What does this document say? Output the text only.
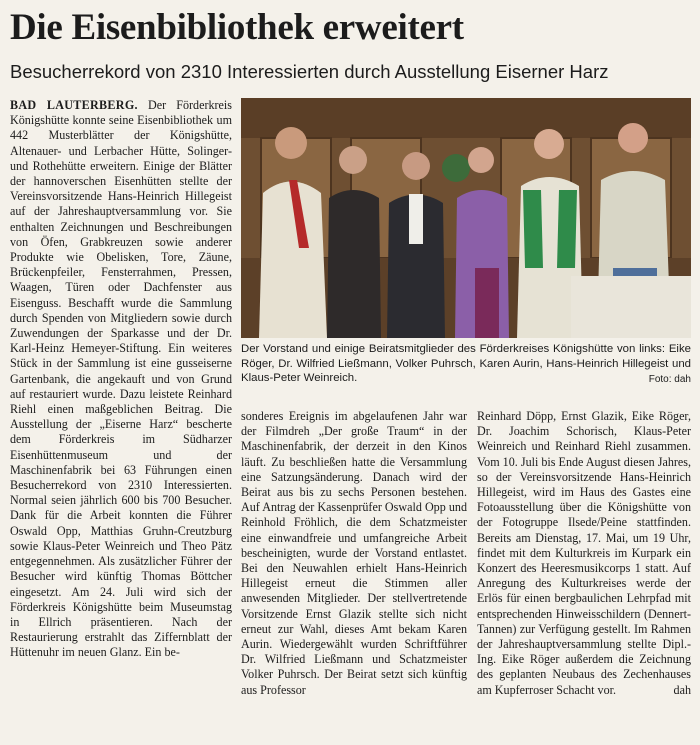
Die Eisenbibliothek erweitert
Besucherrekord von 2310 Interessierten durch Ausstellung Eiserner Harz

BAD LAUTERBERG. Der Förderkreis Königshütte konnte seine Eisenbibliothek um 442 Musterblätter der Königshütte, Altenauer- und Lerbacher Hütte, Solinger- und Rothehütte erweitern. Einige der Blätter der hannoverschen Eisenhütten stellte der Vereinsvorsitzende Hans-Heinrich Hillegeist auf der Jahreshauptversammlung vor. Sie enthalten Zeichnungen und Beschreibungen von Öfen, Grabkreuzen sowie anderer Produkte wie Obelisken, Tore, Zäune, Brückenpfeiler, Fensterrahmen, Pressen, Waagen, Türen oder Dachfenster aus Eisenguss. Beschafft wurde die Sammlung durch Spenden von Mitgliedern sowie durch Zuwendungen der Sparkasse und der Dr. Karl-Heinz Hemeyer-Stiftung. Ein weiteres Stück in der Sammlung ist eine gusseiserne Gartenbank, die angekauft und von Grund auf restauriert wurde. Dazu leistete Reinhard Riehl einen maßgeblichen Beitrag. Die Ausstellung der „Eiserne Harz“ bescherte dem Förderkreis im Südharzer Eisenhüttenmuseum und der Maschinenfabrik bei 63 Führungen einen Besucherrekord von 2310 Interessierten. Normal seien jährlich 600 bis 700 Besucher. Dank für die Arbeit konnten die Führer Oswald Opp, Matthias Gruhn-Creutzburg sowie Klaus-Peter Weinreich und Theo Pätz entgegennehmen. Als zusätzlicher Führer der Besucher wird künftig Thomas Böttcher eingesetzt. Am 24. Juli wird sich der Förderkreis Königshütte beim Museumstag in Ellrich präsentieren. Nach der Restaurierung erstrahlt das Ziffernblatt der Hüttenuhr im neuen Glanz. Ein be-

Der Vorstand und einige Beiratsmitglieder des Förderkreises Königshütte von links: Eike Röger, Dr. Wilfried Ließmann, Volker Puhrsch, Karen Aurin, Hans-Heinrich Hillegeist und Klaus-Peter Weinreich.	Foto: dah

sonderes Ereignis im abgelaufenen Jahr war der Filmdreh „Der große Traum“ in der Maschinenfabrik, der derzeit in den Kinos läuft. Zu beschließen hatte die Versammlung eine Satzungsänderung. Danach wird der Beirat aus bis zu sechs Personen bestehen. Auf Antrag der Kassenprüfer Oswald Opp und Reinhold Fröhlich, die dem Schatzmeister eine einwandfreie und umfangreiche Arbeit bescheinigten, wurde der Vorstand entlastet. Bei den Neuwahlen erhielt Hans-Heinrich Hillegeist erneut die Stimmen aller anwesenden Mitglieder. Der stellvertretende Vorsitzende Ernst Glazik stellte sich nicht erneut zur Wahl, dieses Amt bekam Karen Aurin. Wiedergewählt wurden Schriftführer Dr. Wilfried Ließmann und Schatzmeister Volker Puhrsch. Der Beirat setzt sich künftig aus Professor

Reinhard Döpp, Ernst Glazik, Eike Röger, Dr. Joachim Schorisch, Klaus-Peter Weinreich und Reinhard Riehl zusammen. Vom 10. Juli bis Ende August diesen Jahres, so der Vereinsvorsitzende Hans-Heinrich Hillegeist, wird im Haus des Gastes eine Fotoausstellung über die Königshütte von der Fotogruppe Ilsede/Peine stattfinden. Bereits am Dienstag, 17. Mai, um 19 Uhr, findet mit dem Kulturkreis im Kurpark ein Konzert des Heeresmusikcorps 1 statt. Auf Anregung des Kulturkreises werde der Erlös für einen bergbaulichen Lehrpfad mit entsprechenden Hinweisschildern (Dennert-Tannen) zur Verfügung gestellt. Im Rahmen der Jahreshauptversammlung stellte Dipl.-Ing. Eike Röger außerdem die Zeichnung des geplanten Neubaus des Zechenhauses am Kupferroser Schacht vor.	dah
